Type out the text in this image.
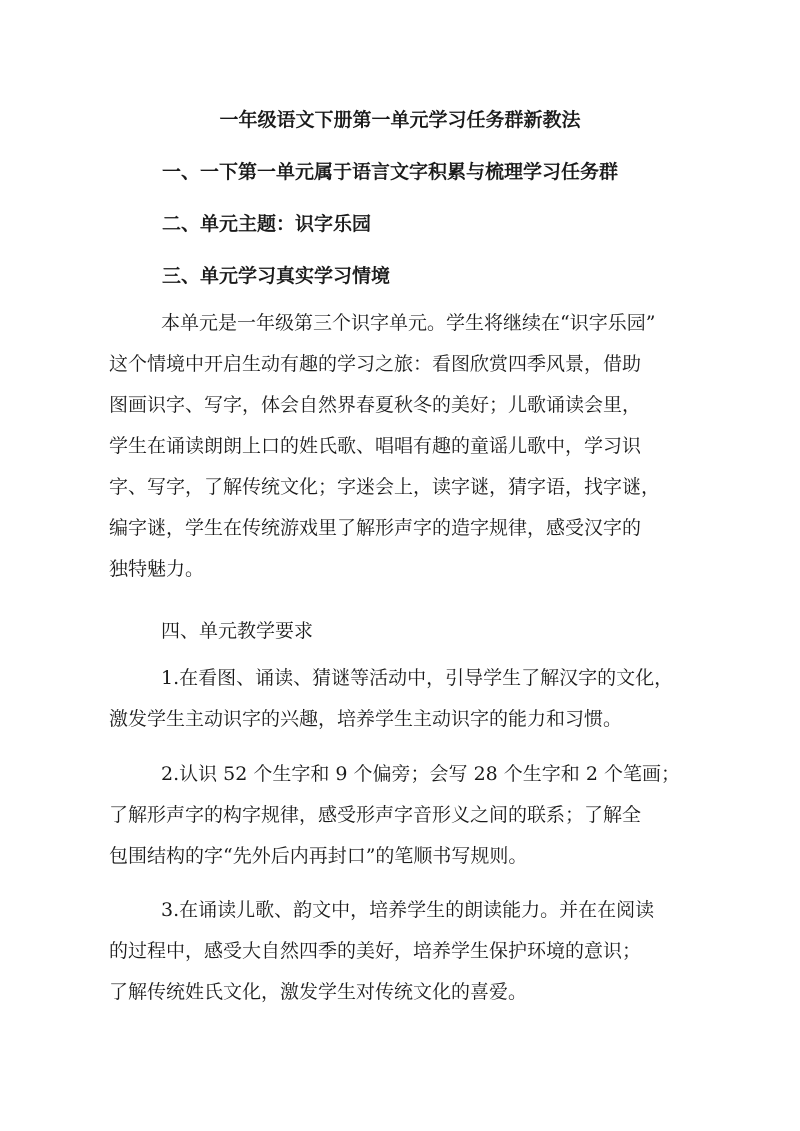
一年级语文下册第一单元学习任务群新教法
一、一下第一单元属于语言文字积累与梳理学习任务群
二、单元主题：识字乐园
三、单元学习真实学习情境
本单元是一年级第三个识字单元。学生将继续在“识字乐园”
这个情境中开启生动有趣的学习之旅：看图欣赏四季风景，借助
图画识字、写字，体会自然界春夏秋冬的美好；儿歌诵读会里，
学生在诵读朗朗上口的姓氏歌、唱唱有趣的童谣儿歌中，学习识
字、写字，了解传统文化；字迷会上，读字谜，猜字语，找字谜，
编字谜，学生在传统游戏里了解形声字的造字规律，感受汉字的
独特魅力。
四、单元教学要求
1.在看图、诵读、猜谜等活动中，引导学生了解汉字的文化，
激发学生主动识字的兴趣，培养学生主动识字的能力和习惯。
2.认识 52 个生字和 9 个偏旁；会写 28 个生字和 2 个笔画；
了解形声字的构字规律，感受形声字音形义之间的联系；了解全
包围结构的字“先外后内再封口”的笔顺书写规则。
3.在诵读儿歌、韵文中，培养学生的朗读能力。并在在阅读
的过程中，感受大自然四季的美好，培养学生保护环境的意识；
了解传统姓氏文化，激发学生对传统文化的喜爱。
